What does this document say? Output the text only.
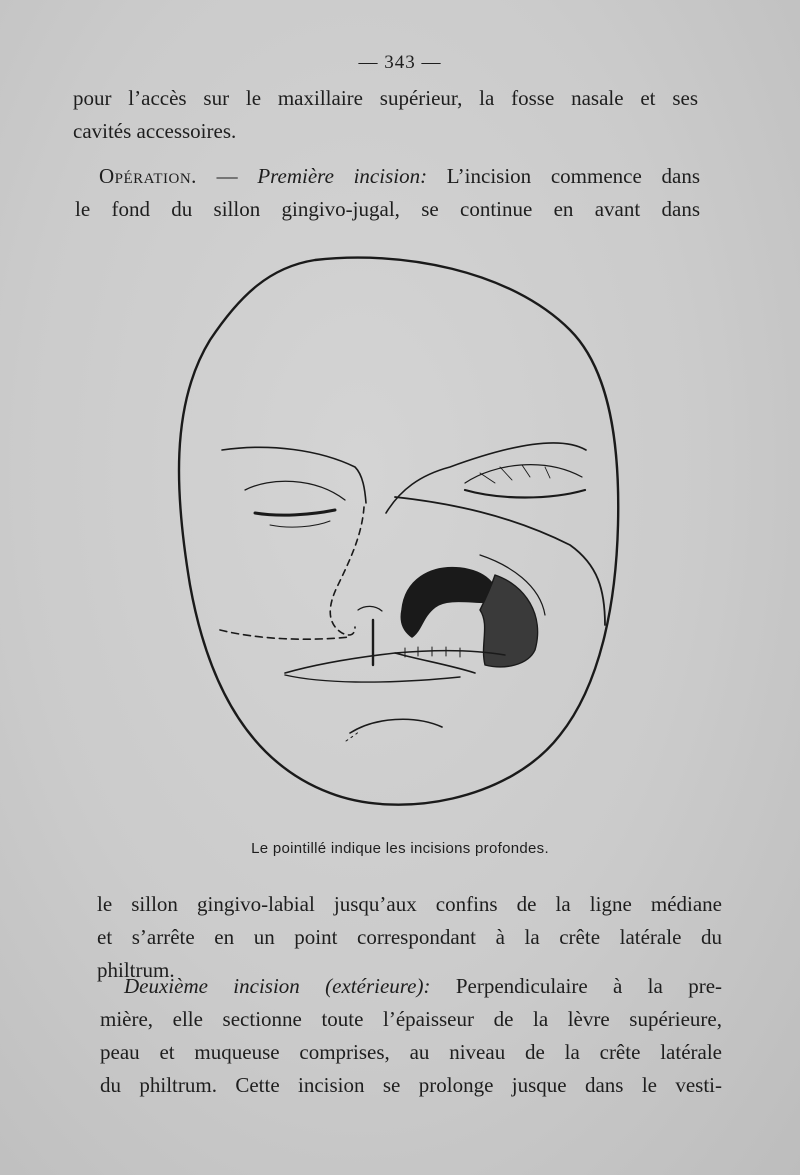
— 343 —

pour l’accès sur le maxillaire supérieur, la fosse nasale et ses
cavités accessoires.

Opération. — Première incision: L’incision commence dans
le fond du sillon gingivo-jugal, se continue en avant dans

Le pointillé indique les incisions profondes.

le sillon gingivo-labial jusqu’aux confins de la ligne médiane
et s’arrête en un point correspondant à la crête latérale du
philtrum.

Deuxième incision (extérieure): Perpendiculaire à la pre-
mière, elle sectionne toute l’épaisseur de la lèvre supérieure,
peau et muqueuse comprises, au niveau de la crête latérale
du philtrum. Cette incision se prolonge jusque dans le vesti-
